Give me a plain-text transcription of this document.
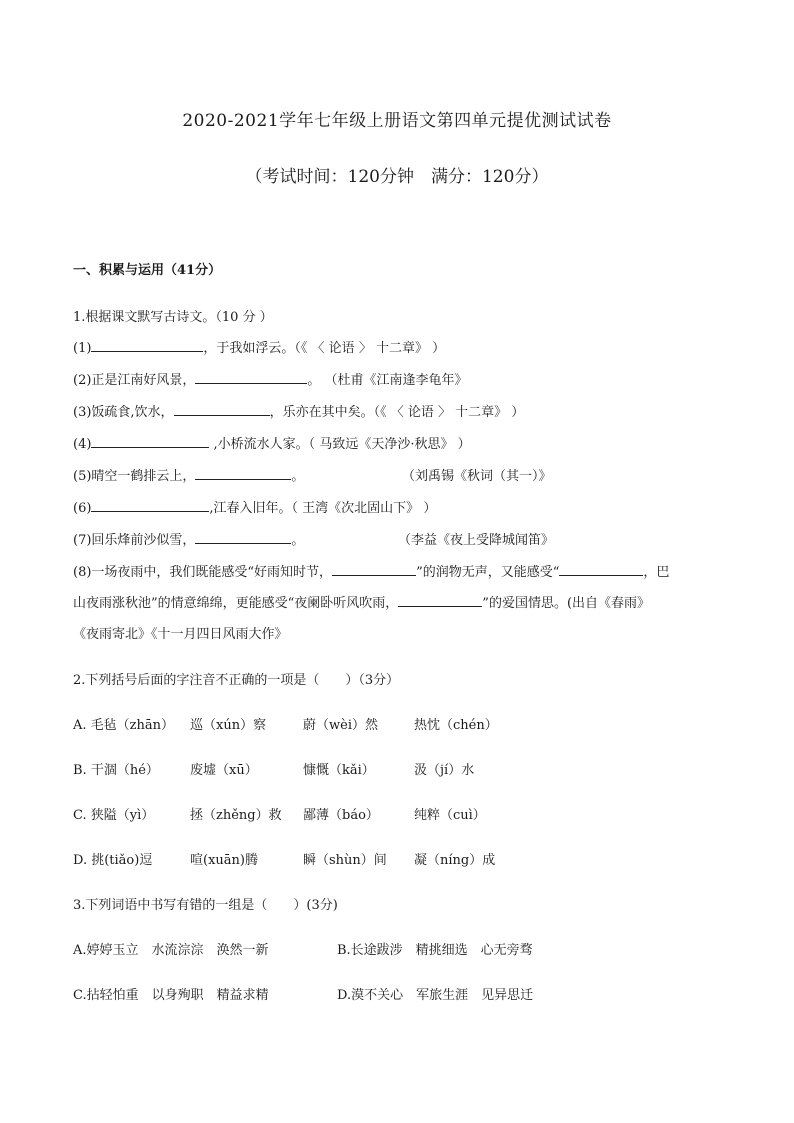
2020-2021学年七年级上册语文第四单元提优测试试卷
（考试时间：120分钟　满分：120分）
一、积累与运用（41分）
1.根据课文默写古诗文。（10 分 ）
(1)	，于我如浮云。（《 〈 论语 〉 十二章》 ）
(2)正是江南好风景，	。 （杜甫《江南逢李龟年》
(3)饭疏食,饮水，	，乐亦在其中矣。（《 〈 论语 〉 十二章》 ）
(4)	,小桥流水人家。（ 马致远《天净沙·秋思》 ）
(5)晴空一鹤排云上，	。	（刘禹锡《秋词（其一）》
(6)	,江春入旧年。（ 王湾《次北固山下》 ）
(7)回乐烽前沙似雪，	。	（李益《夜上受降城闻笛》
(8)一场夜雨中，我们既能感受“好雨知时节，	”的润物无声，又能感受“	，巴
山夜雨涨秋池”的情意绵绵，更能感受“夜阑卧听风吹雨，	”的爱国情思。(出自《春雨》
《夜雨寄北》《十一月四日风雨大作》
2.下列括号后面的字注音不正确的一项是（　　）（3分）
A. 毛毡（zhān） 巡（xún）察	蔚（wèi）然	热忱（chén）
B. 干涸（hé） 废墟（xū）	慷慨（kǎi）	汲（jí）水
C. 狭隘（yì）	拯（zhěng）救 鄙薄（báo）	纯粹（cuì）
D. 挑(tiǎo)逗	喧(xuān)腾	瞬（shùn）间 凝（níng）成
3.下列词语中书写有错的一组是（　　）(3分)
A.婷婷玉立　水流淙淙　涣然一新	B.长途跋涉　精挑细选　心无旁骛
C.拈轻怕重　以身殉职　精益求精	D.漠不关心　军旅生涯　见异思迁
